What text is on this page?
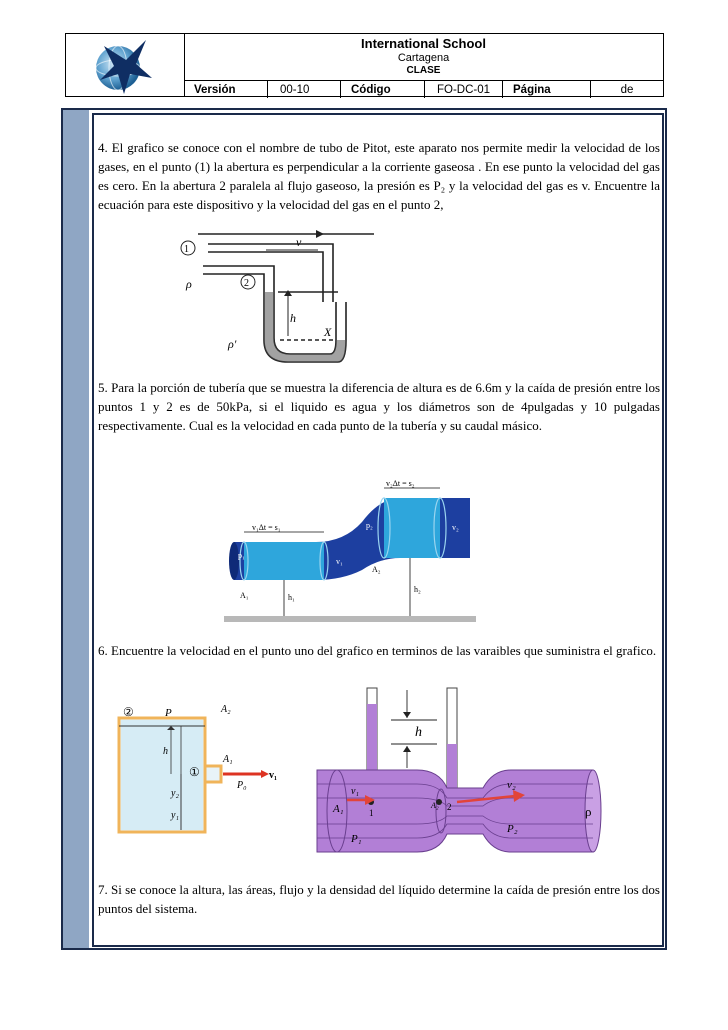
International School
Cartagena
CLASE
Versión	00-10	Código	FO-DC-01	Página	de
4. El grafico se conoce con el nombre de tubo de Pitot, este aparato nos permite medir la velocidad de los gases, en el punto (1) la abertura es perpendicular a la corriente gaseosa . En ese punto la velocidad del gas es cero. En la abertura 2 paralela al flujo gaseoso, la presión es P₂ y la velocidad del gas es v. Encuentre la ecuación para este dispositivo y la velocidad del gas en el punto 2,
1
2
v
ρ
h
X
ρ'
5. Para la porción de tubería que se muestra la diferencia de altura es de 6.6m y la caída de presión entre los puntos 1 y 2 es de 50kPa, si el liquido es agua y los diámetros son de 4pulgadas y 10 pulgadas respectivamente. Cual es la velocidad en cada punto de la tubería y su caudal másico.
v₂Δt = s₂
v₁Δt = s₁
p₁
p₂
v₁
v₂
A₁
A₂
h₁
h₂
6. Encuentre la velocidad en el punto uno del grafico en terminos de las varaibles que suministra el grafico.
②	P	A₂
A₁
①
h
y₂
y₁
P₀
v₁
h
A₁
v₁
1
P₁
A₂
v₂
2
P₂
ρ
7. Si se conoce la altura, las áreas, flujo y la densidad del líquido determine la caída de presión entre los dos puntos del sistema.
